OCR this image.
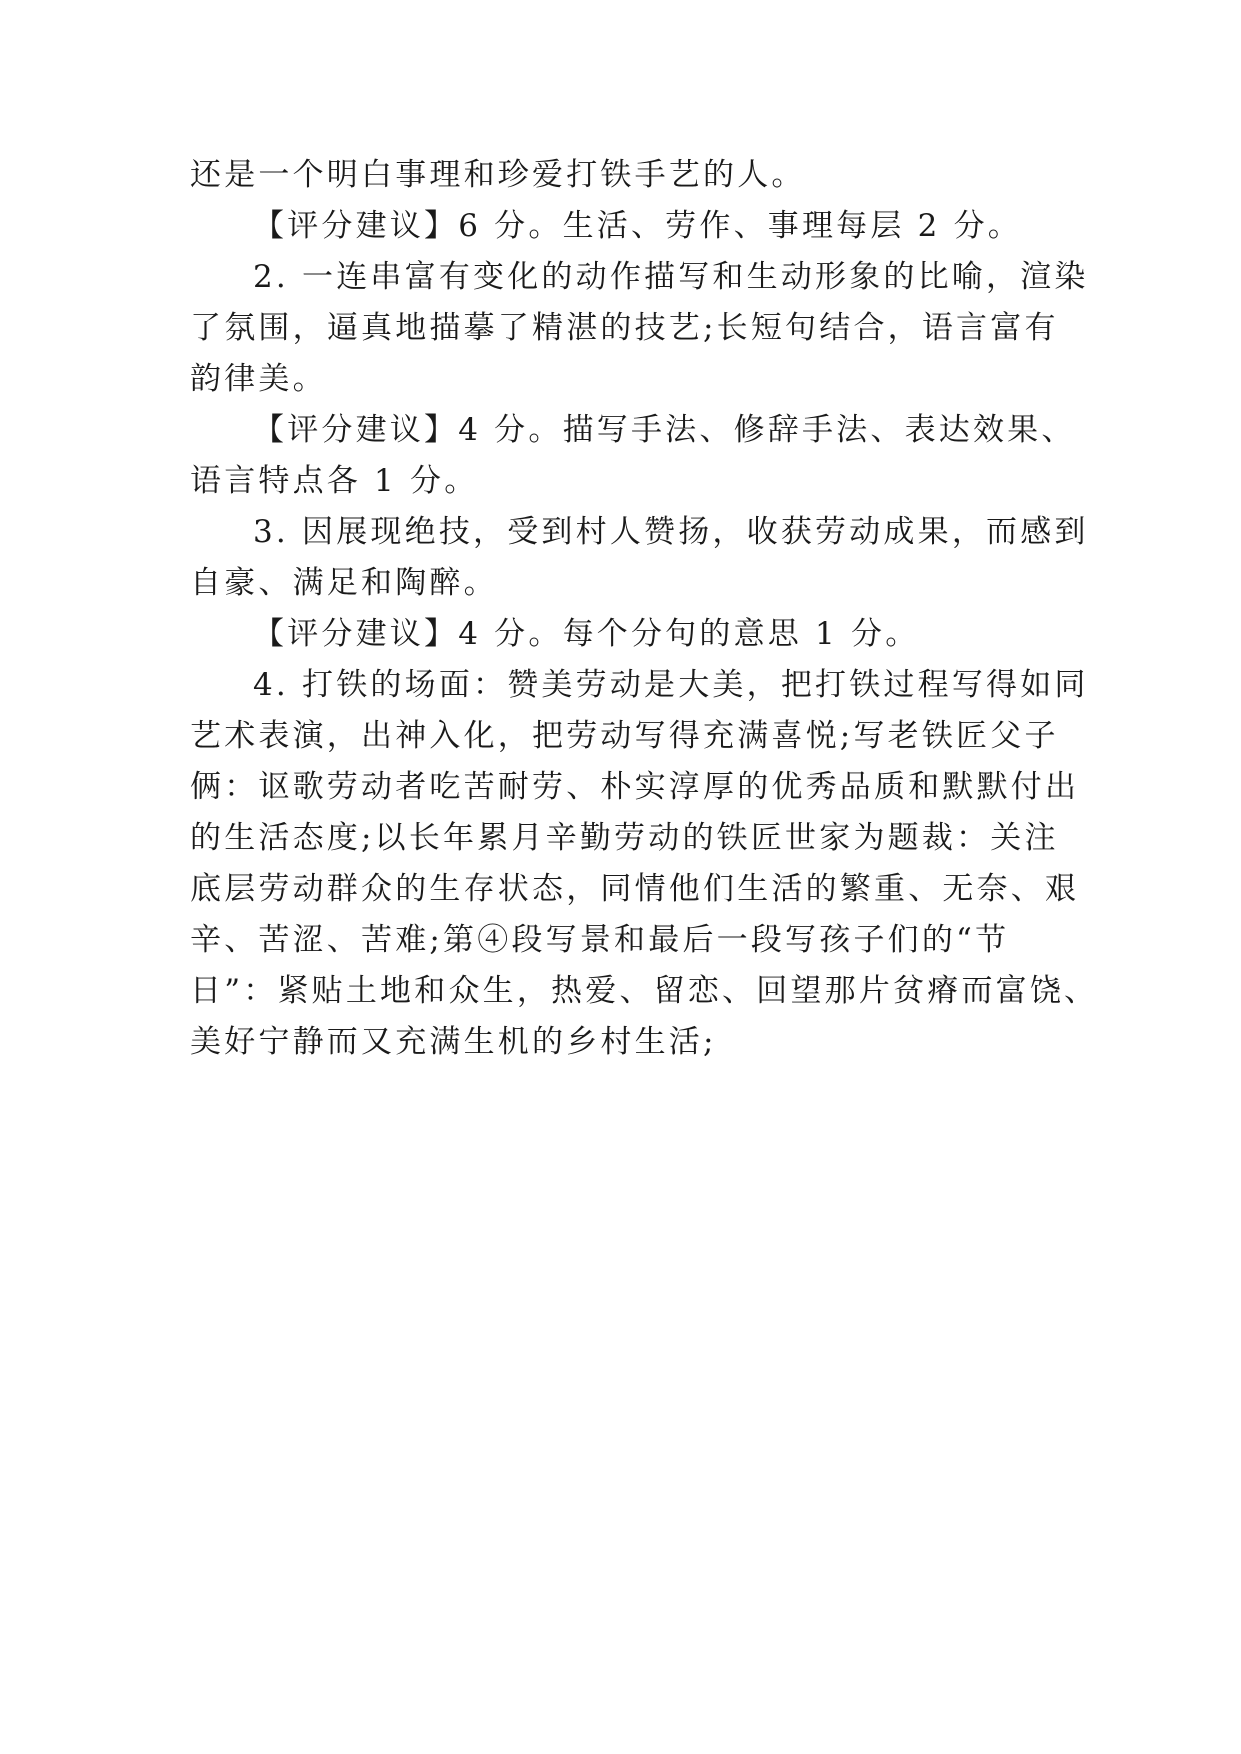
还是一个明白事理和珍爱打铁手艺的人。
【评分建议】6 分。生活、劳作、事理每层 2 分。
2. 一连串富有变化的动作描写和生动形象的比喻，渲染
了氛围，逼真地描摹了精湛的技艺;长短句结合，语言富有
韵律美。
【评分建议】4 分。描写手法、修辞手法、表达效果、
语言特点各 1 分。
3. 因展现绝技，受到村人赞扬，收获劳动成果，而感到
自豪、满足和陶醉。
【评分建议】4 分。每个分句的意思 1 分。
4. 打铁的场面：赞美劳动是大美，把打铁过程写得如同
艺术表演，出神入化，把劳动写得充满喜悦;写老铁匠父子
俩：讴歌劳动者吃苦耐劳、朴实淳厚的优秀品质和默默付出
的生活态度;以长年累月辛勤劳动的铁匠世家为题裁：关注
底层劳动群众的生存状态，同情他们生活的繁重、无奈、艰
辛、苦涩、苦难;第④段写景和最后一段写孩子们的“节
日”：紧贴土地和众生，热爱、留恋、回望那片贫瘠而富饶、
美好宁静而又充满生机的乡村生活;
